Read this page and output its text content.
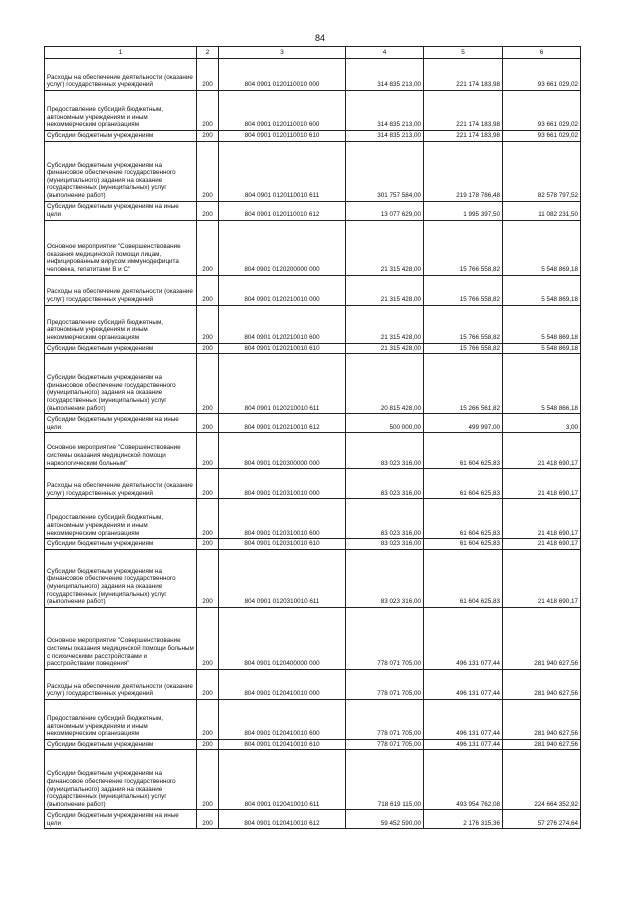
84
1	2	3	4	5	6
Расходы на обеспечение деятельности (оказание услуг) государственных учреждений	200	804 0901 0120110010 000	314 835 213,00	221 174 183,98	93 661 029,02
Предоставление субсидий бюджетным, автономным учреждениям и иным некоммерческим организациям	200	804 0901 0120110010 600	314 835 213,00	221 174 183,98	93 661 029,02
Субсидии бюджетным учреждениям	200	804 0901 0120110010 610	314 835 213,00	221 174 183,98	93 661 029,02
Субсидии бюджетным учреждениям на финансовое обеспечение государственного (муниципального) задания на оказание государственных (муниципальных) услуг (выполнение работ)	200	804 0901 0120110010 611	301 757 584,00	219 178 786,48	82 578 797,52
Субсидии бюджетным учреждениям на иные цели	200	804 0901 0120110010 612	13 077 629,00	1 995 397,50	11 082 231,50
Основное мероприятие "Совершенствование оказания медицинской помощи лицам, инфицированным вирусом иммунодефицита человека, гепатитами В и С"	200	804 0901 0120200000 000	21 315 428,00	15 766 558,82	5 548 869,18
Расходы на обеспечение деятельности (оказание услуг) государственных учреждений	200	804 0901 0120210010 000	21 315 428,00	15 766 558,82	5 548 869,18
Предоставление субсидий бюджетным, автономным учреждениям и иным некоммерческим организациям	200	804 0901 0120210010 600	21 315 428,00	15 766 558,82	5 548 869,18
Субсидии бюджетным учреждениям	200	804 0901 0120210010 610	21 315 428,00	15 766 558,82	5 548 869,18
Субсидии бюджетным учреждениям на финансовое обеспечение государственного (муниципального) задания на оказание государственных (муниципальных) услуг (выполнение работ)	200	804 0901 0120210010 611	20 815 428,00	15 266 561,82	5 548 866,18
Субсидии бюджетным учреждениям на иные цели	200	804 0901 0120210010 612	500 000,00	499 997,00	3,00
Основное мероприятие "Совершенствование системы оказания медицинской помощи наркологическим больным"	200	804 0901 0120300000 000	83 023 316,00	61 604 625,83	21 418 690,17
Расходы на обеспечение деятельности (оказание услуг) государственных учреждений	200	804 0901 0120310010 000	83 023 316,00	61 604 625,83	21 418 690,17
Предоставление субсидий бюджетным, автономным учреждениям и иным некоммерческим организациям	200	804 0901 0120310010 600	83 023 316,00	61 604 625,83	21 418 690,17
Субсидии бюджетным учреждениям	200	804 0901 0120310010 610	83 023 316,00	61 604 625,83	21 418 690,17
Субсидии бюджетным учреждениям на финансовое обеспечение государственного (муниципального) задания на оказание государственных (муниципальных) услуг (выполнение работ)	200	804 0901 0120310010 611	83 023 316,00	61 604 625,83	21 418 690,17
Основное мероприятие "Совершенствование системы оказания медицинской помощи больным с психическими расстройствами и расстройствами поведения"	200	804 0901 0120400000 000	778 071 705,00	496 131 077,44	281 940 627,56
Расходы на обеспечение деятельности (оказание услуг) государственных учреждений	200	804 0901 0120410010 000	778 071 705,00	496 131 077,44	281 940 627,56
Предоставление субсидий бюджетным, автономным учреждениям и иным некоммерческим организациям	200	804 0901 0120410010 600	778 071 705,00	496 131 077,44	281 940 627,56
Субсидии бюджетным учреждениям	200	804 0901 0120410010 610	778 071 705,00	496 131 077,44	281 940 627,56
Субсидии бюджетным учреждениям на финансовое обеспечение государственного (муниципального) задания на оказание государственных (муниципальных) услуг (выполнение работ)	200	804 0901 0120410010 611	718 619 115,00	493 954 762,08	224 664 352,92
Субсидии бюджетным учреждениям на иные цели	200	804 0901 0120410010 612	59 452 590,00	2 176 315,36	57 276 274,64
